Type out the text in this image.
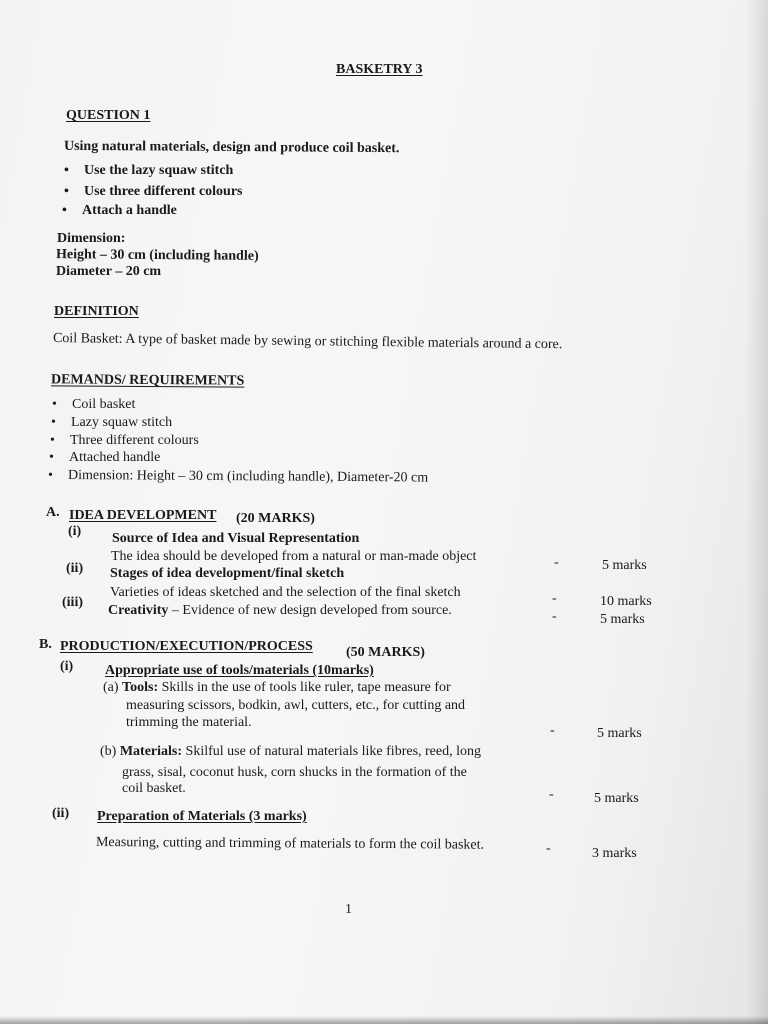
BASKETRY 3
QUESTION 1
Using natural materials, design and produce coil basket.
• Use the lazy squaw stitch
• Use three different colours
• Attach a handle
Dimension:
Height – 30 cm (including handle)
Diameter – 20 cm
DEFINITION
Coil Basket: A type of basket made by sewing or stitching flexible materials around a core.
DEMANDS/ REQUIREMENTS
• Coil basket
• Lazy squaw stitch
• Three different colours
• Attached handle
• Dimension: Height – 30 cm (including handle), Diameter-20 cm
A. IDEA DEVELOPMENT (20 MARKS)
(i) Source of Idea and Visual Representation
The idea should be developed from a natural or man-made object	-	5 marks
(ii) Stages of idea development/final sketch
Varieties of ideas sketched and the selection of the final sketch	-	10 marks
(iii)
Creativity – Evidence of new design developed from source.	-	5 marks
B. PRODUCTION/EXECUTION/PROCESS (50 MARKS)
(i) Appropriate use of tools/materials (10marks)
(a) Tools: Skills in the use of tools like ruler, tape measure for
measuring scissors, bodkin, awl, cutters, etc., for cutting and
trimming the material.
-	5 marks
(b) Materials: Skilful use of natural materials like fibres, reed, long
grass, sisal, coconut husk, corn shucks in the formation of the
coil basket.	-	5 marks
(ii) Preparation of Materials (3 marks)
Measuring, cutting and trimming of materials to form the coil basket.	-	3 marks
1
